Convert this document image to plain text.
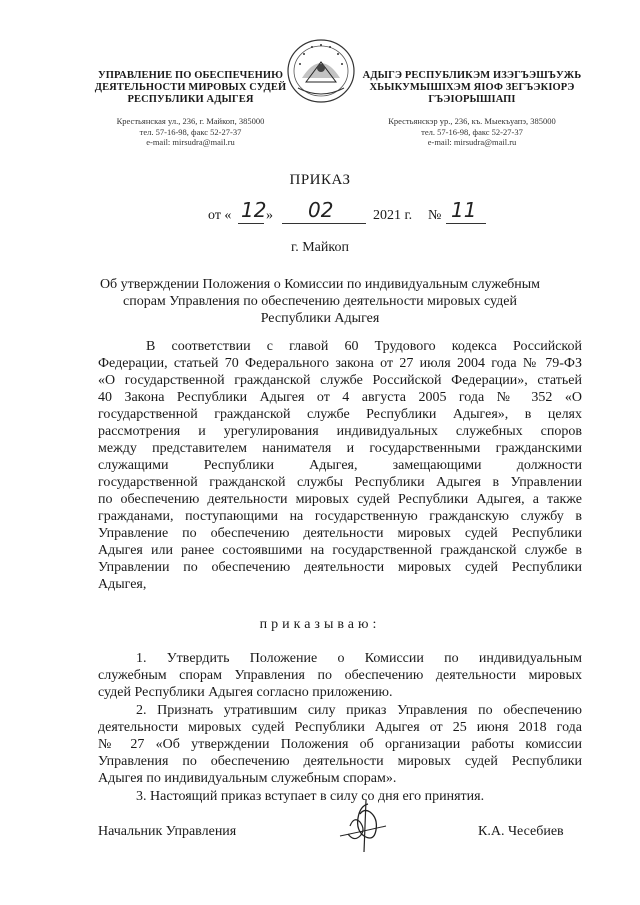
УПРАВЛЕНИЕ ПО ОБЕСПЕЧЕНИЮ
ДЕЯТЕЛЬНОСТИ МИРОВЫХ СУДЕЙ
РЕСПУБЛИКИ АДЫГЕЯ
Крестьянская ул., 236, г. Майкоп, 385000
тел. 57-16-98, факс 52-27-37
e-mail: mirsudra@mail.ru
АДЫГЭ РЕСПУБЛИКЭМ ИЗЭГЪЭШЪУЖЬ
ХЬЫКУМЫШІХЭМ ЯІОФ ЗЕГЪЭКІОРЭ
ГЪЭІОРЫШІАПІ
Крестьянскэр ур., 236, къ. Мыекъуапэ, 385000
тел. 57-16-98, факс 52-27-37
e-mail: mirsudra@mail.ru
ПРИКАЗ
от « 12 » 02	2021 г. № 11
г. Майкоп
Об утверждении Положения о Комиссии по индивидуальным служебным
спорам Управления по обеспечению деятельности мировых судей
Республики Адыгея
В соответствии с главой 60 Трудового кодекса Российской
Федерации, статьей 70 Федерального закона от 27 июля 2004 года № 79-ФЗ
«О государственной гражданской службе Российской Федерации», статьей
40 Закона Республики Адыгея от 4 августа 2005 года № 352 «О
государственной гражданской службе Республики Адыгея», в целях
рассмотрения и урегулирования индивидуальных служебных споров
между представителем нанимателя и государственными гражданскими
служащими Республики Адыгея, замещающими должности
государственной гражданской службы Республики Адыгея в Управлении
по обеспечению деятельности мировых судей Республики Адыгея, а также
гражданами, поступающими на государственную гражданскую службу в
Управление по обеспечению деятельности мировых судей Республики
Адыгея или ранее состоявшими на государственной гражданской службе в
Управлении по обеспечению деятельности мировых судей Республики
Адыгея,
приказываю:
1. Утвердить Положение о Комиссии по индивидуальным
служебным спорам Управления по обеспечению деятельности мировых
судей Республики Адыгея согласно приложению.
2. Признать утратившим силу приказ Управления по обеспечению
деятельности мировых судей Республики Адыгея от 25 июня 2018 года
№ 27 «Об утверждении Положения об организации работы комиссии
Управления по обеспечению деятельности мировых судей Республики
Адыгея по индивидуальным служебным спорам».
3. Настоящий приказ вступает в силу со дня его принятия.
Начальник Управления	К.А. Чесебиев
